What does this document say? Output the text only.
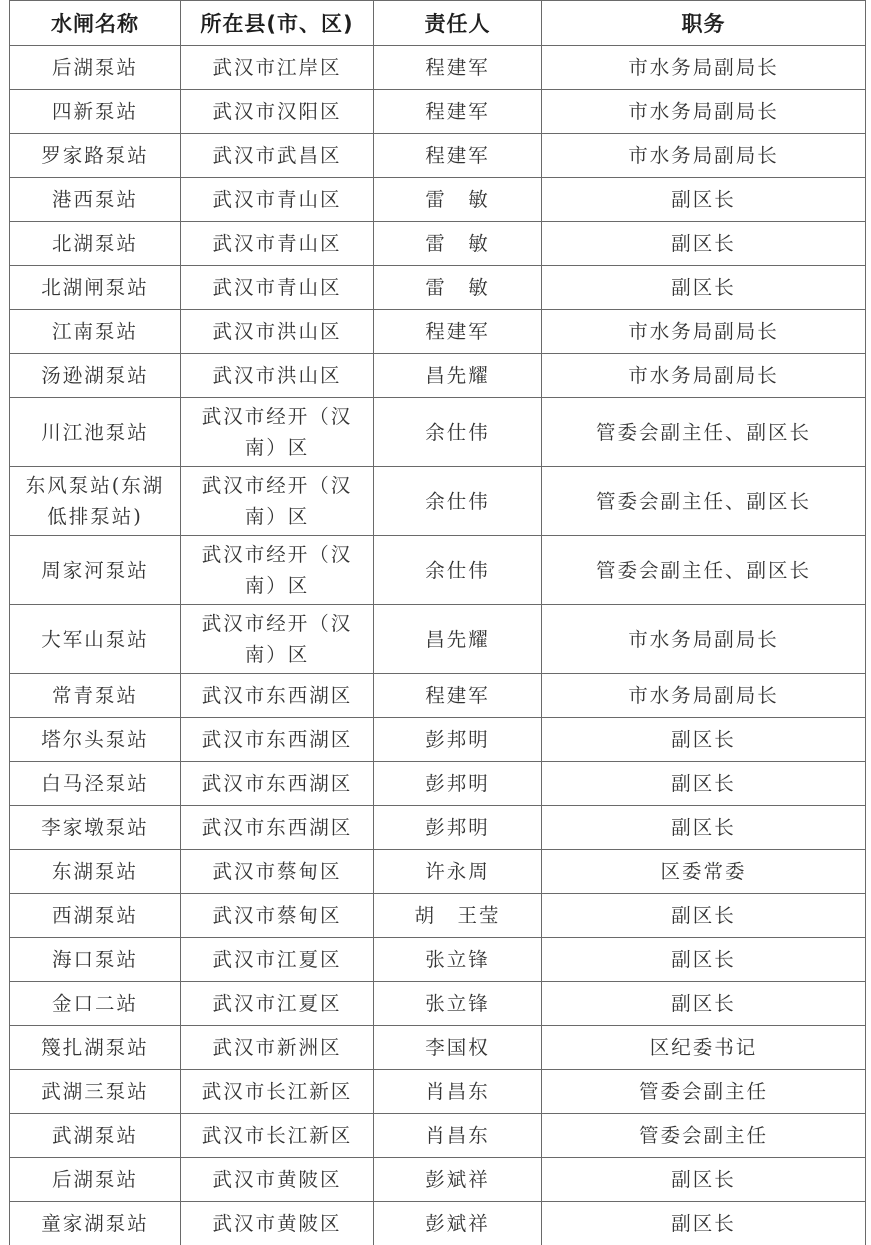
水闸名称	所在县(市、区)	责任人	职务
后湖泵站	武汉市江岸区	程建军	市水务局副局长
四新泵站	武汉市汉阳区	程建军	市水务局副局长
罗家路泵站	武汉市武昌区	程建军	市水务局副局长
港西泵站	武汉市青山区	雷　敏	副区长
北湖泵站	武汉市青山区	雷　敏	副区长
北湖闸泵站	武汉市青山区	雷　敏	副区长
江南泵站	武汉市洪山区	程建军	市水务局副局长
汤逊湖泵站	武汉市洪山区	昌先耀	市水务局副局长

川江池泵站	武汉市经开（汉南）区	余仕伟	管委会副主任、副区长

东风泵站(东湖低排泵站)	武汉市经开（汉南）区	余仕伟	管委会副主任、副区长

周家河泵站	武汉市经开（汉南）区	余仕伟	管委会副主任、副区长

大军山泵站	武汉市经开（汉南）区	昌先耀	市水务局副局长
常青泵站	武汉市东西湖区	程建军	市水务局副局长
塔尔头泵站	武汉市东西湖区	彭邦明	副区长
白马泾泵站	武汉市东西湖区	彭邦明	副区长
李家墩泵站	武汉市东西湖区	彭邦明	副区长
东湖泵站	武汉市蔡甸区	许永周	区委常委
西湖泵站	武汉市蔡甸区	胡　王莹	副区长
海口泵站	武汉市江夏区	张立锋	副区长
金口二站	武汉市江夏区	张立锋	副区长
篾扎湖泵站	武汉市新洲区	李国权	区纪委书记
武湖三泵站	武汉市长江新区	肖昌东	管委会副主任
武湖泵站	武汉市长江新区	肖昌东	管委会副主任
后湖泵站	武汉市黄陂区	彭斌祥	副区长
童家湖泵站	武汉市黄陂区	彭斌祥	副区长
